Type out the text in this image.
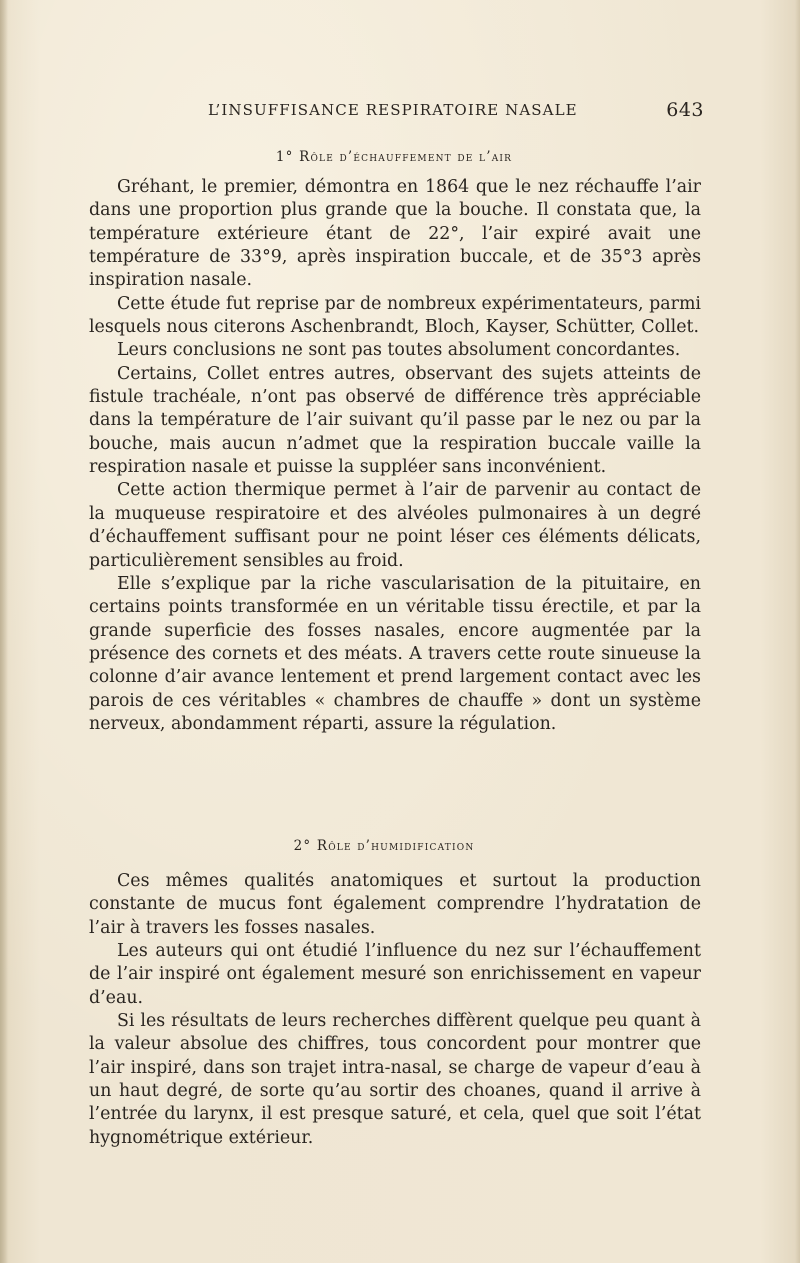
L’INSUFFISANCE RESPIRATOIRE NASALE	643
1° Rôle d’échauffement de l’air

Gréhant, le premier, démontra en 1864 que le nez réchauffe l’air dans une proportion plus grande que la bouche. Il constata que, la température extérieure étant de 22°, l’air expiré avait une température de 33°9, après inspiration buccale, et de 35°3 après inspiration nasale.

Cette étude fut reprise par de nombreux expérimentateurs, parmi lesquels nous citerons Aschenbrandt, Bloch, Kayser, Schütter, Collet.

Leurs conclusions ne sont pas toutes absolument concordantes.

Certains, Collet entres autres, observant des sujets atteints de fistule trachéale, n’ont pas observé de différence très appréciable dans la température de l’air suivant qu’il passe par le nez ou par la bouche, mais aucun n’admet que la respiration buccale vaille la respiration nasale et puisse la suppléer sans inconvénient.

Cette action thermique permet à l’air de parvenir au contact de la muqueuse respiratoire et des alvéoles pulmonaires à un degré d’échauffement suffisant pour ne point léser ces éléments délicats, particulièrement sensibles au froid.

Elle s’explique par la riche vascularisation de la pituitaire, en certains points transformée en un véritable tissu érectile, et par la grande superficie des fosses nasales, encore augmentée par la présence des cornets et des méats. A travers cette route sinueuse la colonne d’air avance lentement et prend largement contact avec les parois de ces véritables « chambres de chauffe » dont un système nerveux, abondamment réparti, assure la régulation.

2° Rôle d’humidification

Ces mêmes qualités anatomiques et surtout la production constante de mucus font également comprendre l’hydratation de l’air à travers les fosses nasales.

Les auteurs qui ont étudié l’influence du nez sur l’échauffement de l’air inspiré ont également mesuré son enrichissement en vapeur d’eau.

Si les résultats de leurs recherches diffèrent quelque peu quant à la valeur absolue des chiffres, tous concordent pour montrer que l’air inspiré, dans son trajet intra-nasal, se charge de vapeur d’eau à un haut degré, de sorte qu’au sortir des choanes, quand il arrive à l’entrée du larynx, il est presque saturé, et cela, quel que soit l’état hygnométrique extérieur.
